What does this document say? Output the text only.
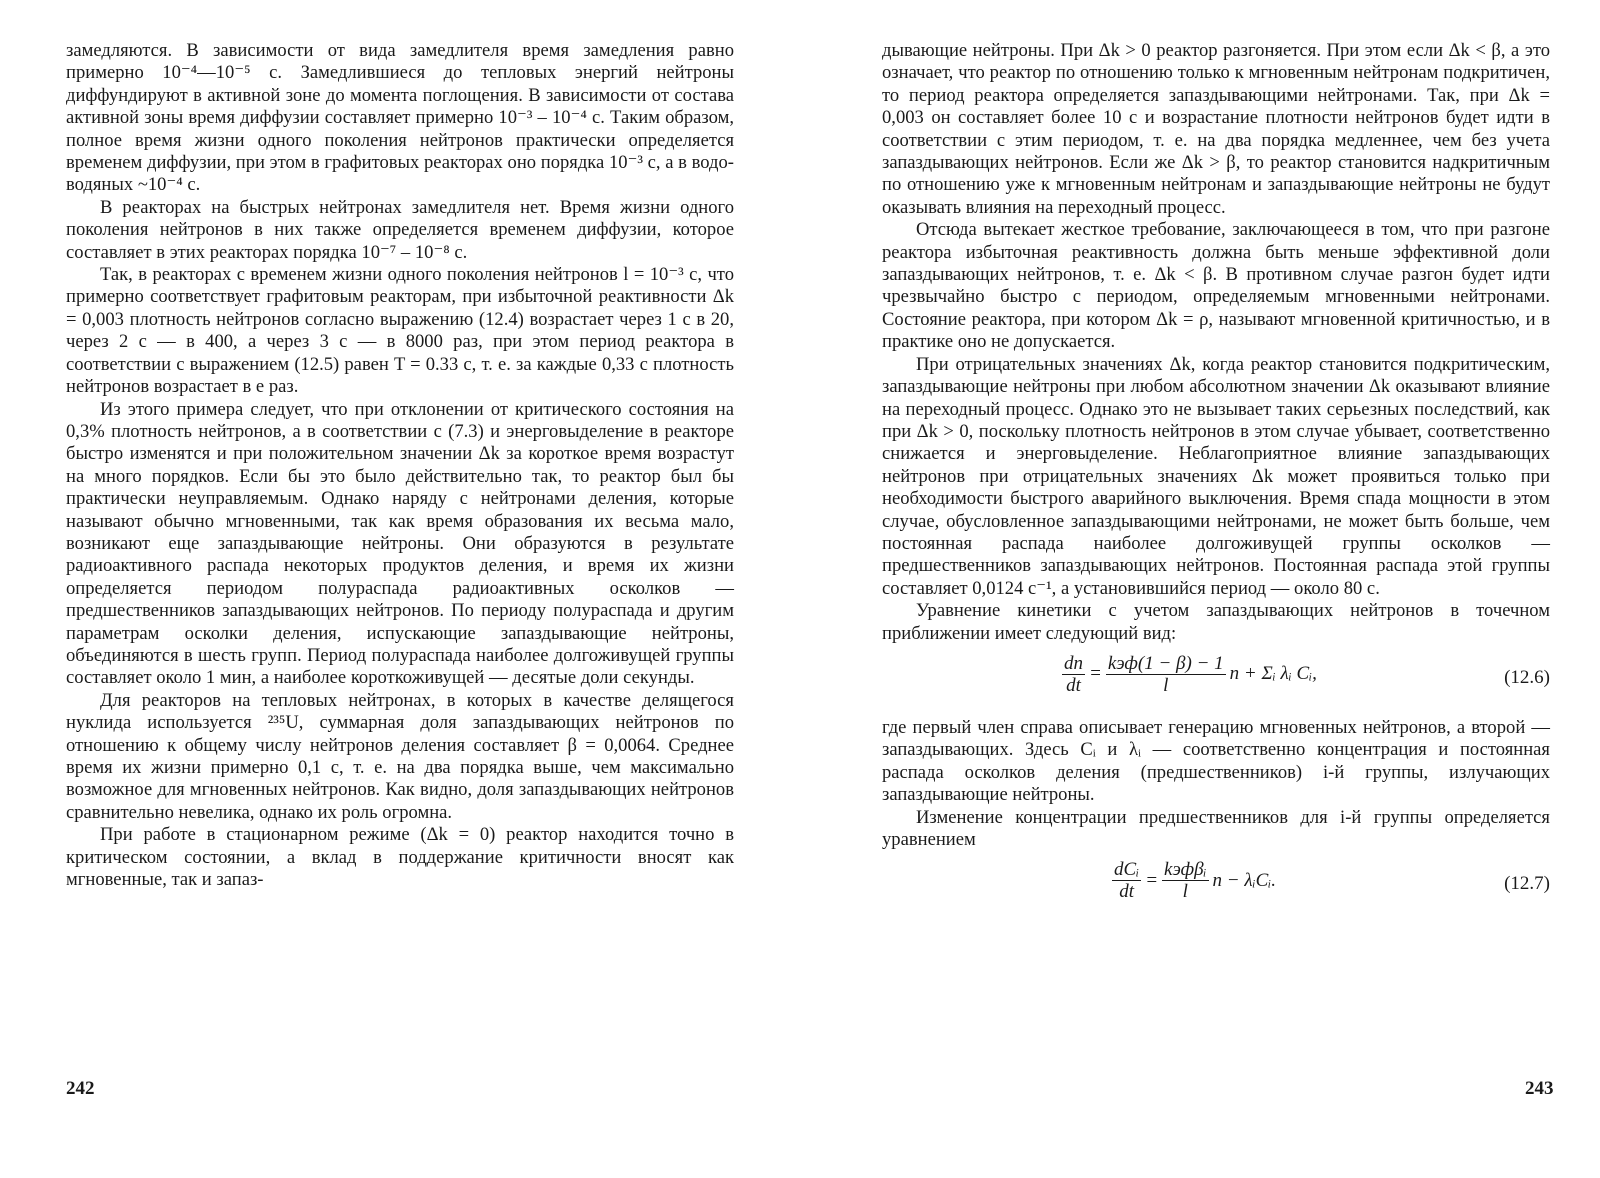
замедляются. В зависимости от вида замедлителя время замедления равно примерно 10⁻⁴—10⁻⁵ с. Замедлившиеся до тепловых энергий нейтроны диффундируют в активной зоне до момента поглощения. В зависимости от состава активной зоны время диффузии составляет примерно 10⁻³ – 10⁻⁴ с. Таким образом, полное время жизни одного поколения нейтронов практически определяется временем диффузии, при этом в графитовых реакторах оно порядка 10⁻³ с, а в водо-водяных ~10⁻⁴ с.

В реакторах на быстрых нейтронах замедлителя нет. Время жизни одного поколения нейтронов в них также определяется временем диффузии, которое составляет в этих реакторах порядка 10⁻⁷ – 10⁻⁸ с.

Так, в реакторах с временем жизни одного поколения нейтронов l = 10⁻³ с, что примерно соответствует графитовым реакторам, при избыточной реактивности Δk = 0,003 плотность нейтронов согласно выражению (12.4) возрастает через 1 с в 20, через 2 с — в 400, а через 3 с — в 8000 раз, при этом период реактора в соответствии с выражением (12.5) равен T = 0.33 с, т. е. за каждые 0,33 с плотность нейтронов возрастает в е раз.

Из этого примера следует, что при отклонении от критического состояния на 0,3% плотность нейтронов, а в соответствии с (7.3) и энерговыделение в реакторе быстро изменятся и при положительном значении Δk за короткое время возрастут на много порядков. Если бы это было действительно так, то реактор был бы практически неуправляемым. Однако наряду с нейтронами деления, которые называют обычно мгновенными, так как время образования их весьма мало, возникают еще запаздывающие нейтроны. Они образуются в результате радиоактивного распада некоторых продуктов деления, и время их жизни определяется периодом полураспада радиоактивных осколков — предшественников запаздывающих нейтронов. По периоду полураспада и другим параметрам осколки деления, испускающие запаздывающие нейтроны, объединяются в шесть групп. Период полураспада наиболее долгоживущей группы составляет около 1 мин, а наиболее короткоживущей — десятые доли секунды.

Для реакторов на тепловых нейтронах, в которых в качестве делящегося нуклида используется ²³⁵U, суммарная доля запаздывающих нейтронов по отношению к общему числу нейтронов деления составляет β = 0,0064. Среднее время их жизни примерно 0,1 с, т. е. на два порядка выше, чем максимально возможное для мгновенных нейтронов. Как видно, доля запаздывающих нейтронов сравнительно невелика, однако их роль огромна.

При работе в стационарном режиме (Δk = 0) реактор находится точно в критическом состоянии, а вклад в поддержание критичности вносят как мгновенные, так и запаз-

242

дывающие нейтроны. При Δk > 0 реактор разгоняется. При этом если Δk < β, а это означает, что реактор по отношению только к мгновенным нейтронам подкритичен, то период реактора определяется запаздывающими нейтронами. Так, при Δk = 0,003 он составляет более 10 с и возрастание плотности нейтронов будет идти в соответствии с этим периодом, т. е. на два порядка медленнее, чем без учета запаздывающих нейтронов. Если же Δk > β, то реактор становится надкритичным по отношению уже к мгновенным нейтронам и запаздывающие нейтроны не будут оказывать влияния на переходный процесс.

Отсюда вытекает жесткое требование, заключающееся в том, что при разгоне реактора избыточная реактивность должна быть меньше эффективной доли запаздывающих нейтронов, т. е. Δk < β. В противном случае разгон будет идти чрезвычайно быстро с периодом, определяемым мгновенными нейтронами. Состояние реактора, при котором Δk = ρ, называют мгновенной критичностью, и в практике оно не допускается.

При отрицательных значениях Δk, когда реактор становится подкритическим, запаздывающие нейтроны при любом абсолютном значении Δk оказывают влияние на переходный процесс. Однако это не вызывает таких серьезных последствий, как при Δk > 0, поскольку плотность нейтронов в этом случае убывает, соответственно снижается и энерговыделение. Неблагоприятное влияние запаздывающих нейтронов при отрицательных значениях Δk может проявиться только при необходимости быстрого аварийного выключения. Время спада мощности в этом случае, обусловленное запаздывающими нейтронами, не может быть больше, чем постоянная распада наиболее долгоживущей группы осколков — предшественников запаздывающих нейтронов. Постоянная распада этой группы составляет 0,0124 с⁻¹, а установившийся период — около 80 с.

Уравнение кинетики с учетом запаздывающих нейтронов в точечном приближении имеет следующий вид:

$\frac{dn}{dt} = \frac{\text{kэф(1 − β) − 1}}{l}$ n + Σᵢ λᵢ Cᵢ,	(12.6)

где первый член справа описывает генерацию мгновенных нейтронов, а второй — запаздывающих. Здесь Cᵢ и λᵢ — соответственно концентрация и постоянная распада осколков деления (предшественников) i-й группы, излучающих запаздывающие нейтроны.

Изменение концентрации предшественников для i-й группы определяется уравнением

$\frac{\text{dCᵢ}}{dt} = \frac{\text{kэфβᵢ}}{l}$ n − λᵢCᵢ.	(12.7)
243
